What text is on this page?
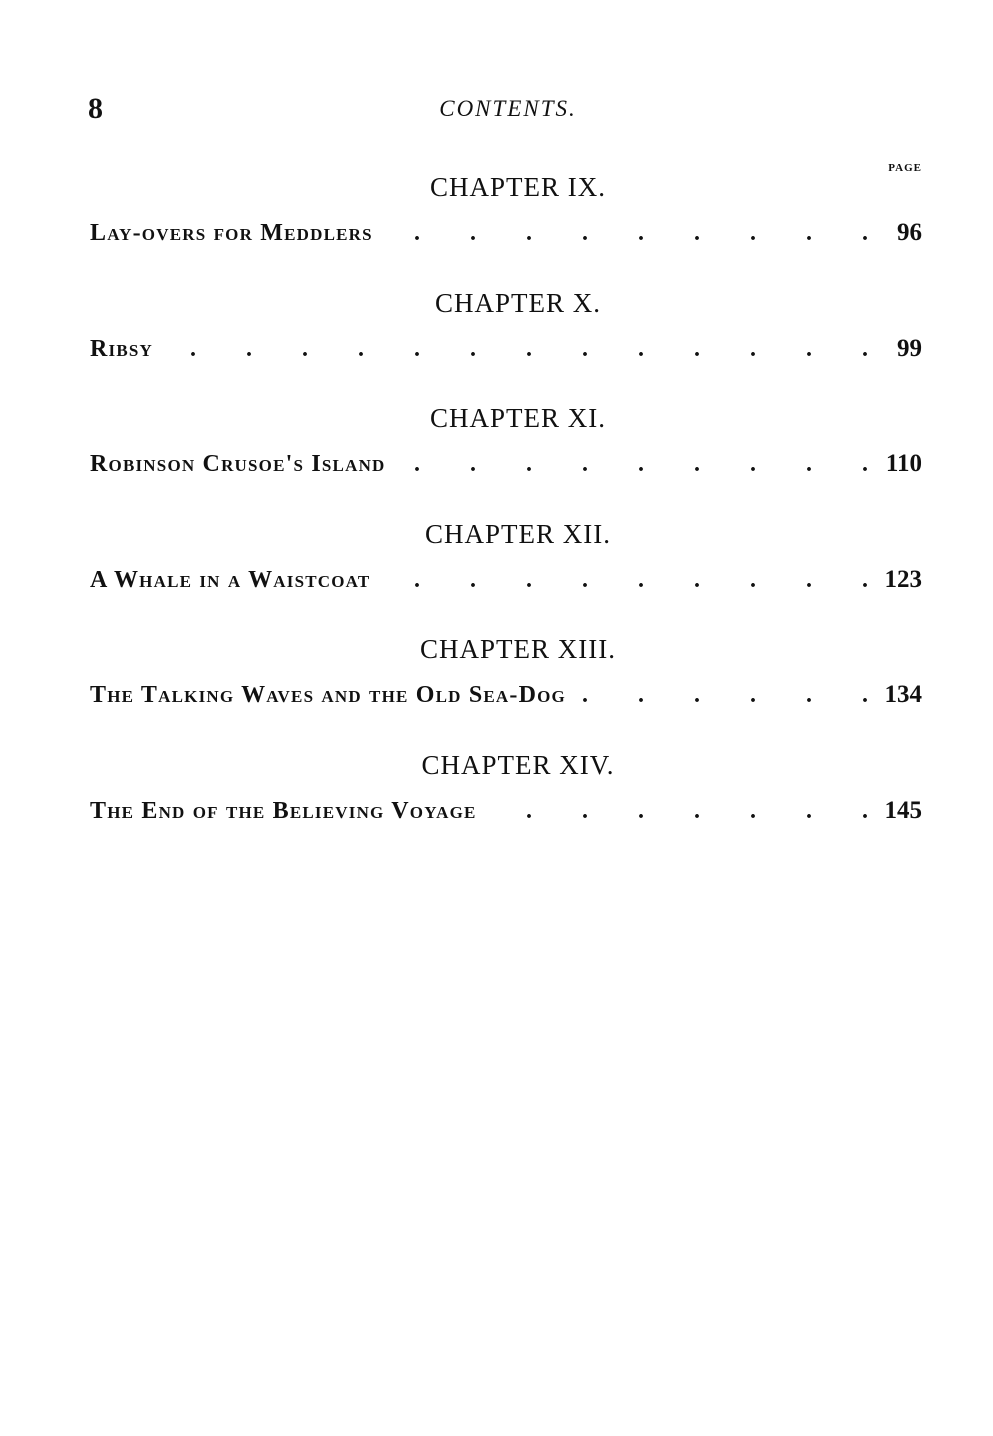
8	CONTENTS.
PAGE
CHAPTER IX.
Lay-overs for Meddlers . . .	96
CHAPTER X.
Ribsy . . .	99
CHAPTER XI.
Robinson Crusoe's Island . . .	110
CHAPTER XII.
A Whale in a Waistcoat . . .	123
CHAPTER XIII.
The Talking Waves and the Old Sea-Dog . . .	134
CHAPTER XIV.
The End of the Believing Voyage . . .	145
